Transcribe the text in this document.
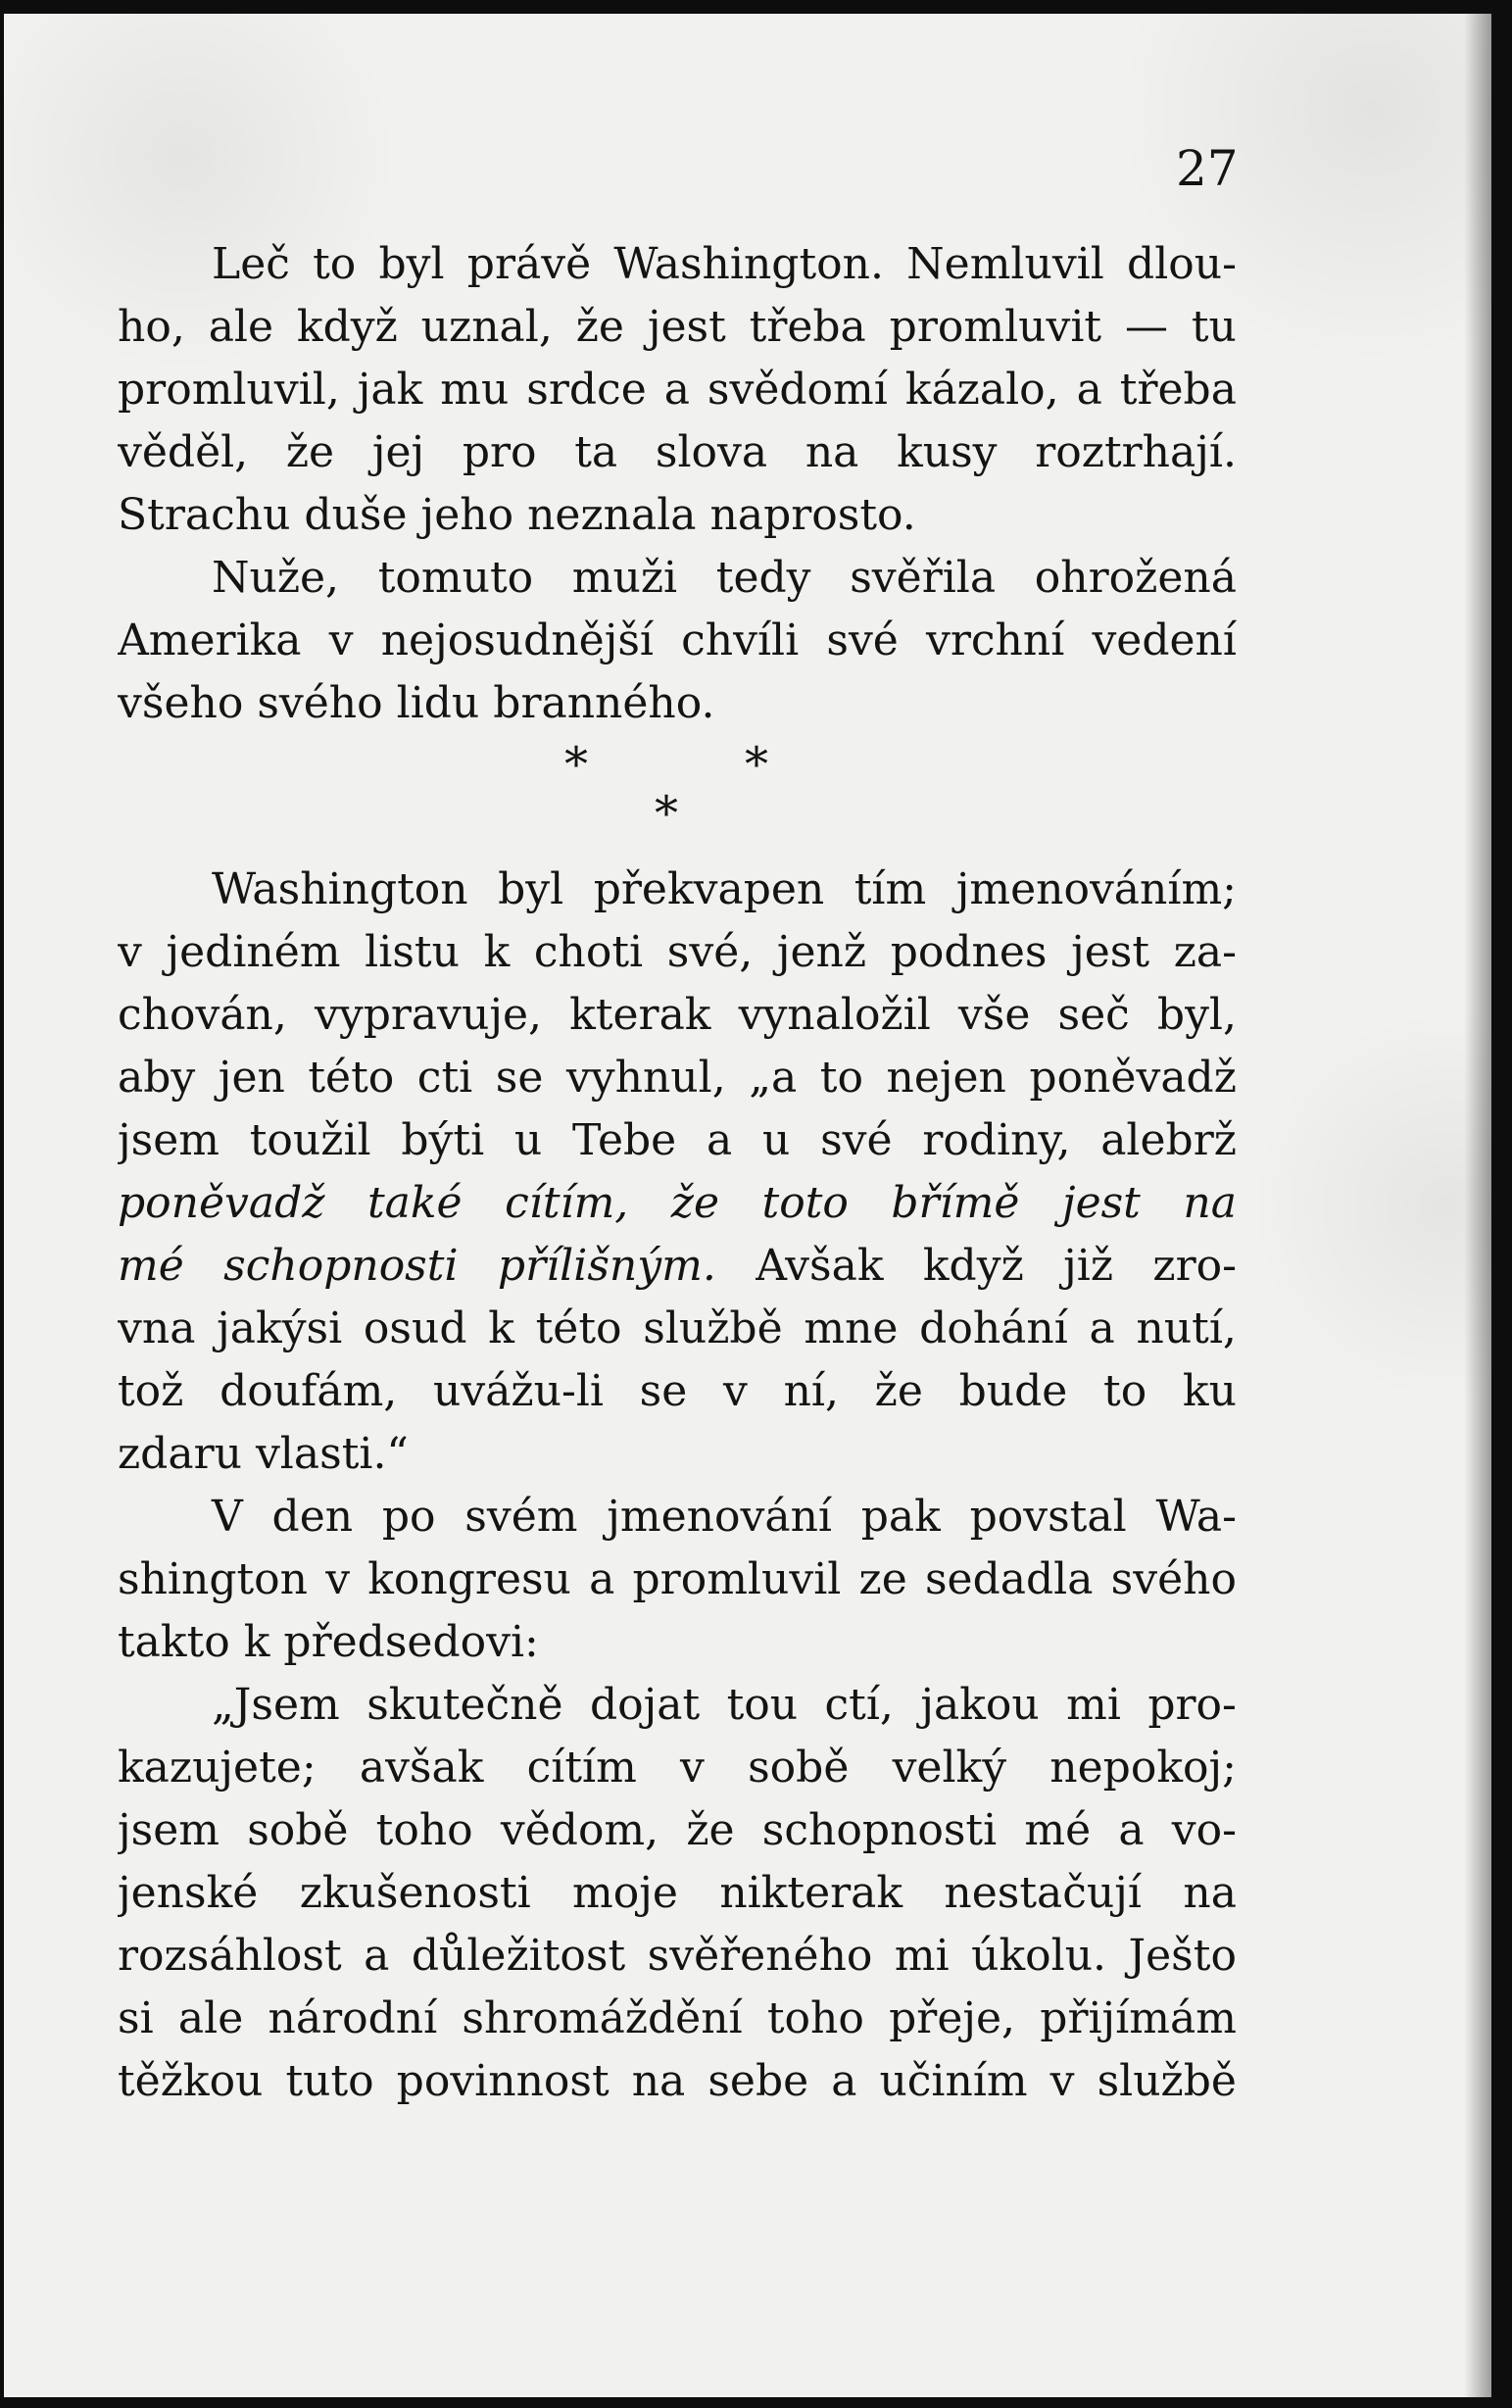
27
Leč to byl právě Washington. Nemluvil dlou-
ho, ale když uznal, že jest třeba promluvit — tu
promluvil, jak mu srdce a svědomí kázalo, a třeba
věděl, že jej pro ta slova na kusy roztrhají.
Strachu duše jeho neznala naprosto.
Nuže, tomuto muži tedy svěřila ohrožená
Amerika v nejosudnější chvíli své vrchní vedení
všeho svého lidu branného.
*	*
*
Washington byl překvapen tím jmenováním;
v jediném listu k choti své, jenž podnes jest za-
chován, vypravuje, kterak vynaložil vše seč byl,
aby jen této cti se vyhnul, „a to nejen poněvadž
jsem toužil býti u Tebe a u své rodiny, alebrž
poněvadž také cítím, že toto břímě jest na
mé schopnosti přílišným. Avšak když již zro-
vna jakýsi osud k této službě mne dohání a nutí,
tož doufám, uvážu-li se v ní, že bude to ku
zdaru vlasti.“
V den po svém jmenování pak povstal Wa-
shington v kongresu a promluvil ze sedadla svého
takto k předsedovi:
„Jsem skutečně dojat tou ctí, jakou mi pro-
kazujete; avšak cítím v sobě velký nepokoj;
jsem sobě toho vědom, že schopnosti mé a vo-
jenské zkušenosti moje nikterak nestačují na
rozsáhlost a důležitost svěřeného mi úkolu. Ješto
si ale národní shromáždění toho přeje, přijímám
těžkou tuto povinnost na sebe a učiním v službě
